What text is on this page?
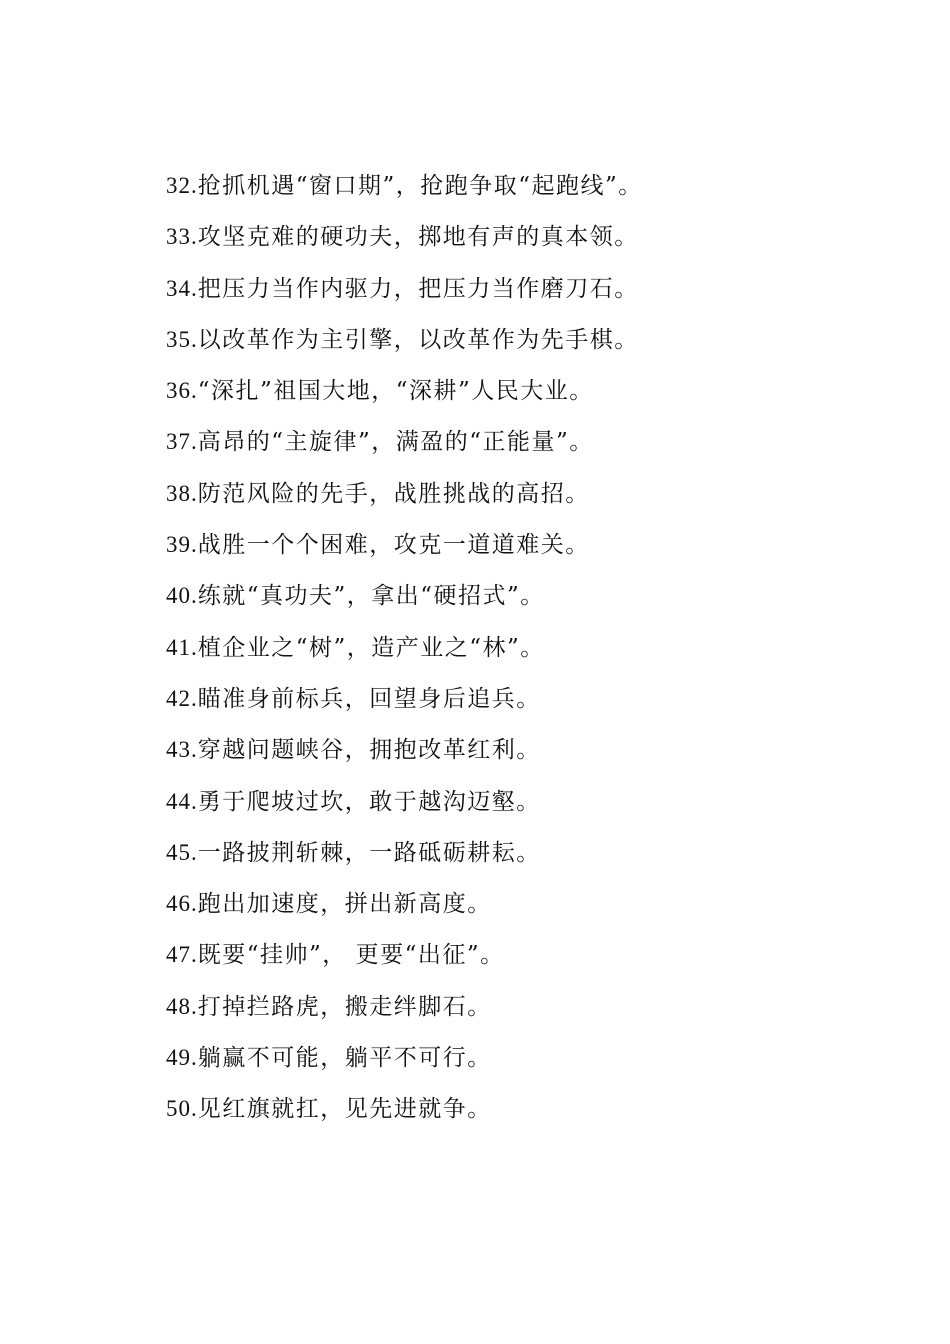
32.抢抓机遇“窗口期”，抢跑争取“起跑线”。
33.攻坚克难的硬功夫，掷地有声的真本领。
34.把压力当作内驱力，把压力当作磨刀石。
35.以改革作为主引擎，以改革作为先手棋。
36.“深扎”祖国大地，“深耕”人民大业。
37.高昂的“主旋律”，满盈的“正能量”。
38.防范风险的先手，战胜挑战的高招。
39.战胜一个个困难，攻克一道道难关。
40.练就“真功夫”，拿出“硬招式”。
41.植企业之“树”，造产业之“林”。
42.瞄准身前标兵，回望身后追兵。
43.穿越问题峡谷，拥抱改革红利。
44.勇于爬坡过坎，敢于越沟迈壑。
45.一路披荆斩棘，一路砥砺耕耘。
46.跑出加速度，拼出新高度。
47.既要“挂帅”， 更要“出征”。
48.打掉拦路虎，搬走绊脚石。
49.躺赢不可能，躺平不可行。
50.见红旗就扛，见先进就争。
